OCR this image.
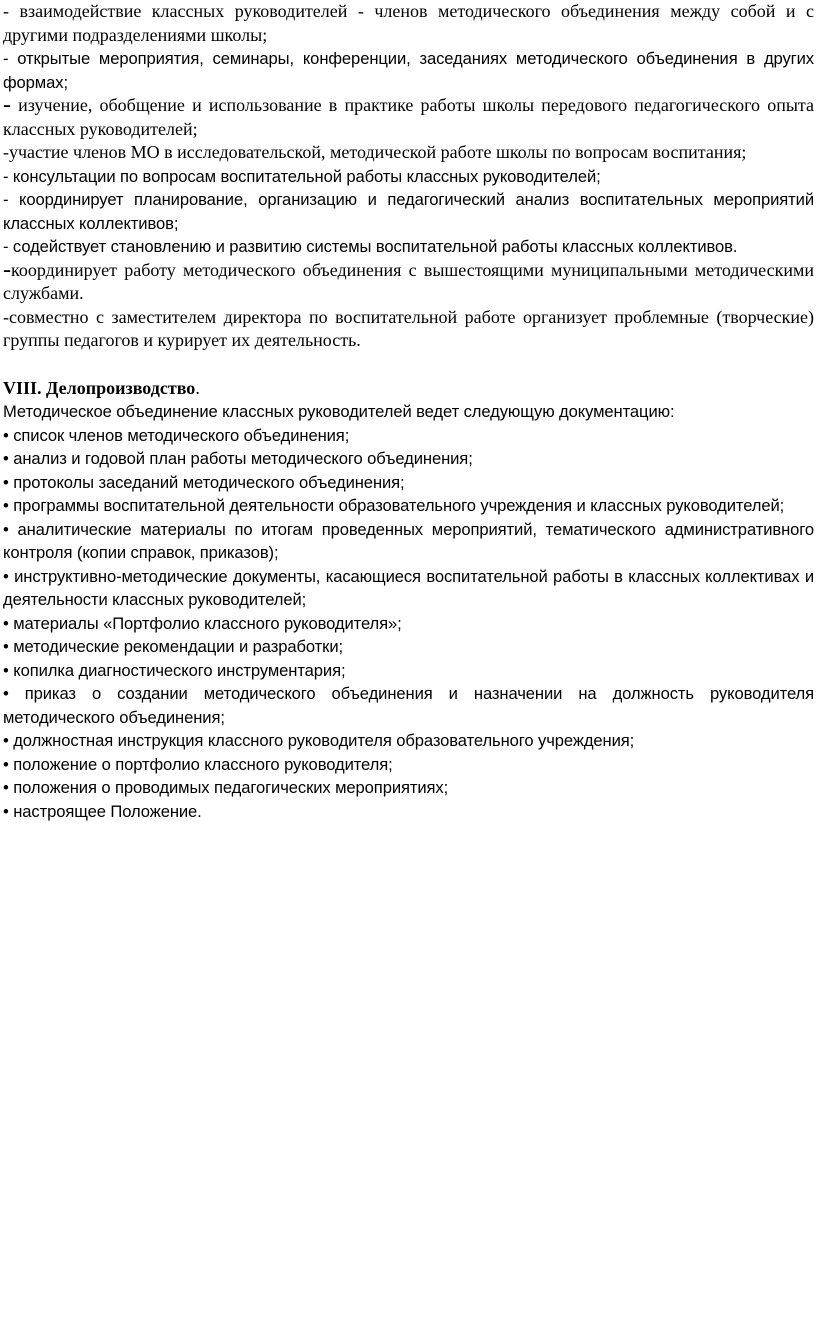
- взаимодействие классных руководителей - членов методического объединения между собой и с другими подразделениями школы;

- открытые мероприятия, семинары, конференции, заседаниях методического объединения в других формах;

- изучение, обобщение и использование в практике работы школы передового педагогического опыта классных руководителей;

-участие членов МО в исследовательской, методической работе школы по вопросам воспитания;

- консультации по вопросам воспитательной работы классных руководителей;

- координирует планирование, организацию и педагогический анализ воспитательных мероприятий классных коллективов;

- содействует становлению и развитию системы воспитательной работы классных коллективов.

-координирует работу методического объединения с вышестоящими муниципальными методическими службами.

-совместно с заместителем директора по воспитательной работе организует проблемные (творческие) группы педагогов и курирует их деятельность.

VIII. Делопроизводство.

Методическое объединение классных руководителей ведет следующую документацию:

• список членов методического объединения;

• анализ и годовой план работы методического объединения;

• протоколы заседаний методического объединения;

• программы воспитательной деятельности образовательного учреждения и классных руководителей;

• аналитические материалы по итогам проведенных мероприятий, тематического административного контроля (копии справок, приказов);

• инструктивно-методические документы, касающиеся воспитательной работы в классных коллективах и деятельности классных руководителей;

• материалы «Портфолио классного руководителя»;

• методические рекомендации и разработки;

• копилка диагностического инструментария;

• приказ о создании методического объединения и назначении на должность руководителя методического объединения;

• должностная инструкция классного руководителя образовательного учреждения;

• положение о портфолио классного руководителя;

• положения о проводимых педагогических мероприятиях;

• настроящее Положение.
